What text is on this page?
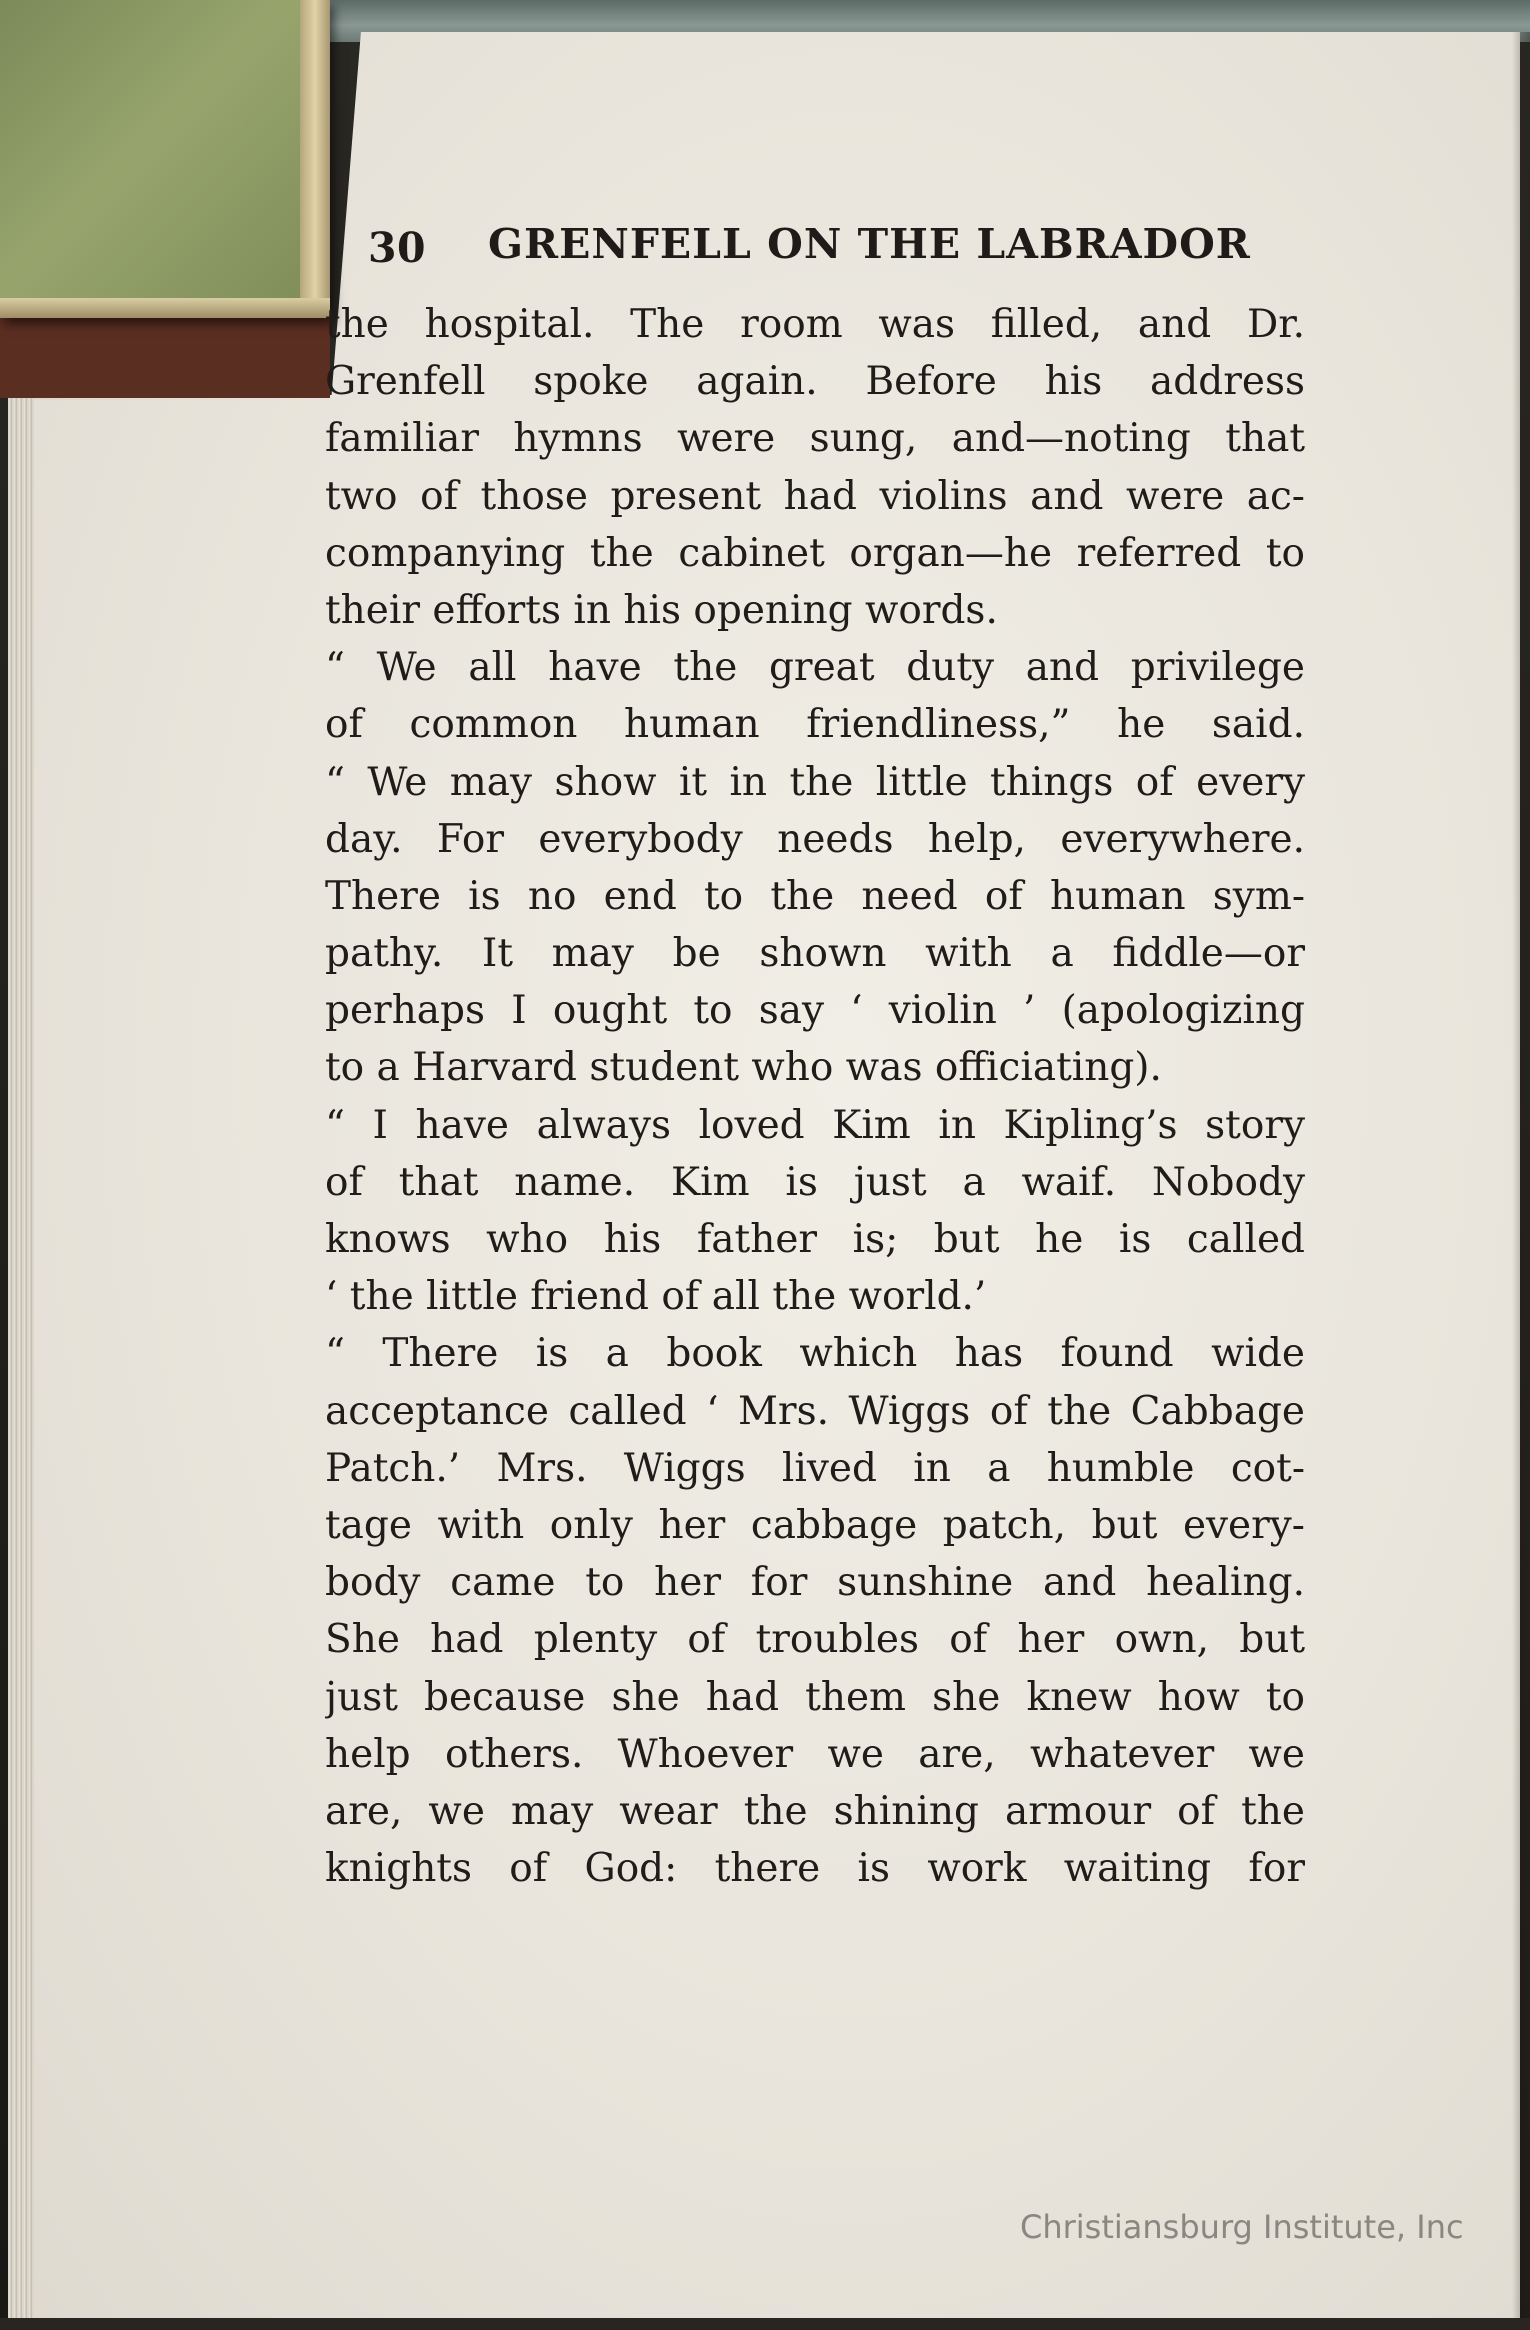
30 GRENFELL ON THE LABRADOR
the hospital. The room was filled, and Dr.
Grenfell spoke again. Before his address
familiar hymns were sung, and—noting that
two of those present had violins and were ac-
companying the cabinet organ—he referred to
their efforts in his opening words.
“ We all have the great duty and privilege
of common human friendliness,” he said.
“ We may show it in the little things of every
day. For everybody needs help, everywhere.
There is no end to the need of human sym-
pathy. It may be shown with a fiddle—or
perhaps I ought to say ‘ violin ’ (apologizing
to a Harvard student who was officiating).
“ I have always loved Kim in Kipling’s story
of that name. Kim is just a waif. Nobody
knows who his father is; but he is called
‘ the little friend of all the world.’
“ There is a book which has found wide
acceptance called ‘ Mrs. Wiggs of the Cabbage
Patch.’ Mrs. Wiggs lived in a humble cot-
tage with only her cabbage patch, but every-
body came to her for sunshine and healing.
She had plenty of troubles of her own, but
just because she had them she knew how to
help others. Whoever we are, whatever we
are, we may wear the shining armour of the
knights of God: there is work waiting for
Christiansburg Institute, Inc
